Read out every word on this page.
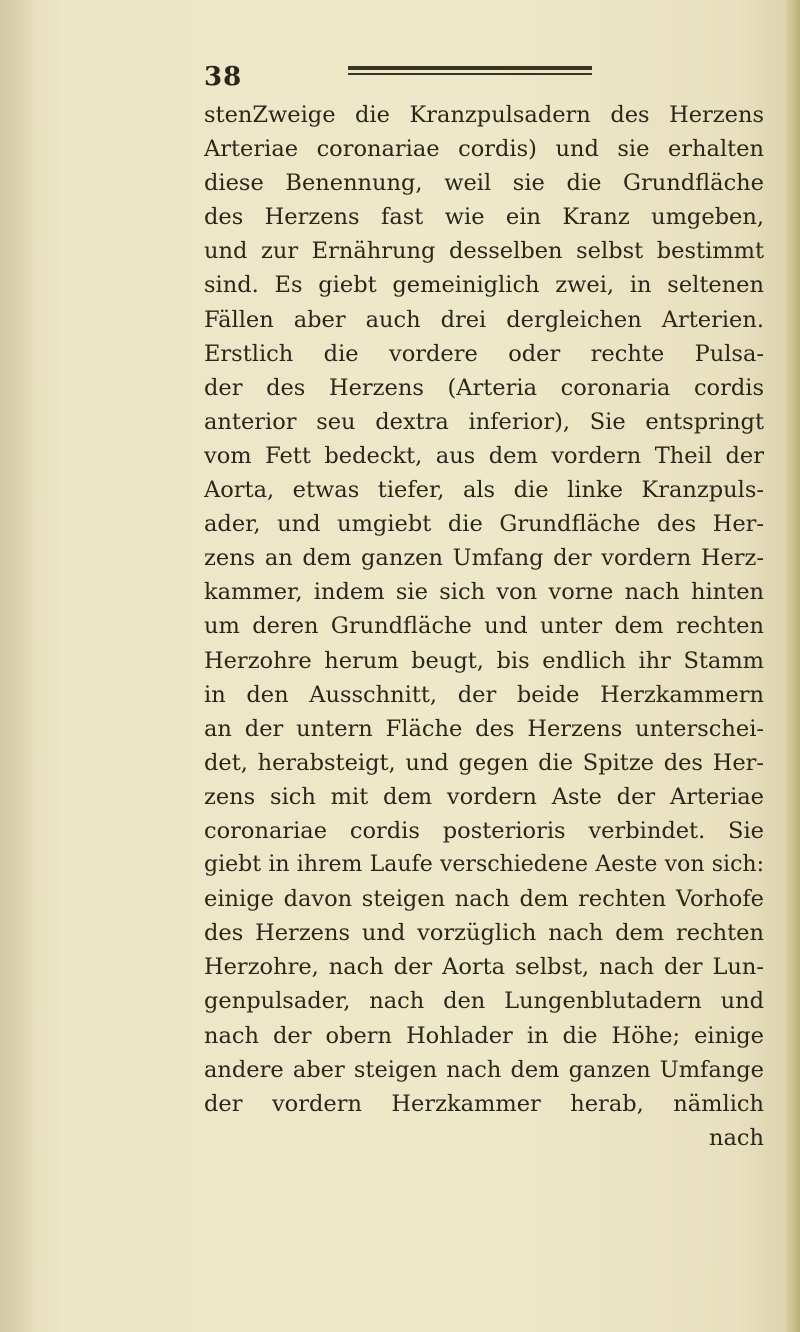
38
stenZweige die Kranzpulsadern des Herzens
Arteriae coronariae cordis) und sie erhalten
diese Benennung, weil sie die Grundfläche
des Herzens fast wie ein Kranz umgeben,
und zur Ernährung desselben selbst bestimmt
sind. Es giebt gemeiniglich zwei, in seltenen
Fällen aber auch drei dergleichen Arterien.
Erstlich die vordere oder rechte Pulsa-
der des Herzens (Arteria coronaria cordis
anterior seu dextra inferior), Sie entspringt
vom Fett bedeckt, aus dem vordern Theil der
Aorta, etwas tiefer, als die linke Kranzpuls-
ader, und umgiebt die Grundfläche des Her-
zens an dem ganzen Umfang der vordern Herz-
kammer, indem sie sich von vorne nach hinten
um deren Grundfläche und unter dem rechten
Herzohre herum beugt, bis endlich ihr Stamm
in den Ausschnitt, der beide Herzkammern
an der untern Fläche des Herzens unterschei-
det, herabsteigt, und gegen die Spitze des Her-
zens sich mit dem vordern Aste der Arteriae
coronariae cordis posterioris verbindet. Sie
giebt in ihrem Laufe verschiedene Aeste von sich:
einige davon steigen nach dem rechten Vorhofe
des Herzens und vorzüglich nach dem rechten
Herzohre, nach der Aorta selbst, nach der Lun-
genpulsader, nach den Lungenblutadern und
nach der obern Hohlader in die Höhe; einige
andere aber steigen nach dem ganzen Umfange
der vordern Herzkammer herab, nämlich
nach
